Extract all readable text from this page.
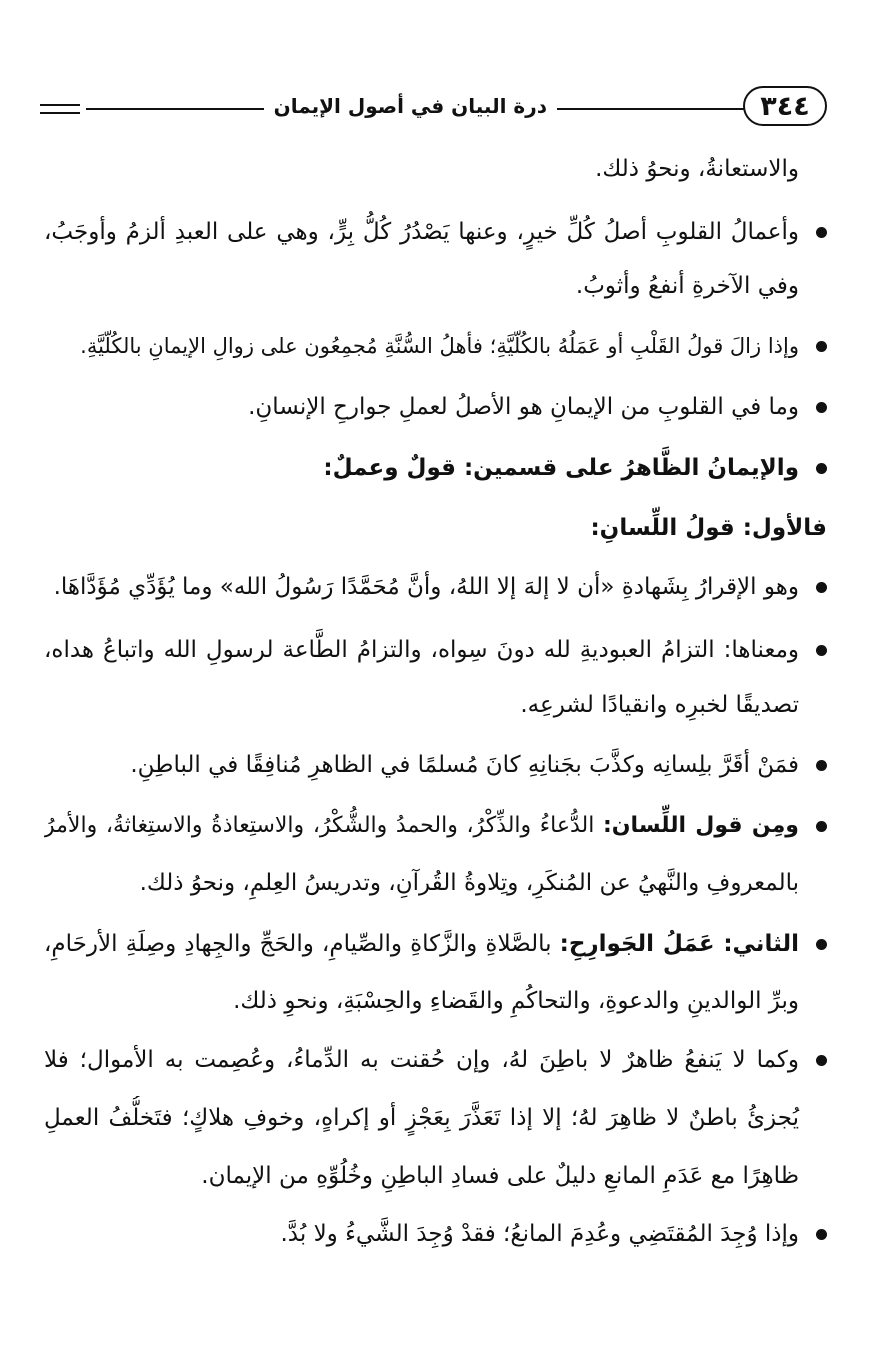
٣٤٤
درة البيان في أصول الإيمان
والاستعانةُ، ونحوُ ذلك.
وأعمالُ القلوبِ أصلُ كُلِّ خيرٍ، وعنها يَصْدُرُ كُلُّ بِرٍّ، وهي على العبدِ ألزمُ وأوجَبُ،
وفي الآخرةِ أنفعُ وأثوبُ.
وإذا زالَ قولُ القَلْبِ أو عَمَلُهُ بالكُلّيَّةِ؛ فأهلُ السُّنَّةِ مُجمِعُون على زوالِ الإيمانِ بالكُلّيَّةِ.
وما في القلوبِ من الإيمانِ هو الأصلُ لعملِ جوارحِ الإنسانِ.
والإيمانُ الظَّاهرُ على قسمين: قولٌ وعملٌ:
فالأول: قولُ اللِّسانِ:
وهو الإقرارُ بِشَهادةِ «أن لا إلهَ إلا اللهُ، وأنَّ مُحَمَّدًا رَسُولُ الله» وما يُؤَدِّي مُؤَدَّاهَا.
ومعناها: التزامُ العبوديةِ لله دونَ سِواه، والتزامُ الطَّاعة لرسولِ الله واتباعُ هداه،
تصديقًا لخبرِه وانقيادًا لشرعِه.
فمَنْ أقَرَّ بلِسانِه وكذَّبَ بجَنانِهِ كانَ مُسلمًا في الظاهرِ مُنافِقًا في الباطِنِ.
ومِن قول اللِّسان: الدُّعاءُ والذِّكْرُ، والحمدُ والشُّكْرُ، والاستِعاذةُ والاستِغاثةُ، والأمرُ
بالمعروفِ والنَّهيُ عن المُنكَرِ، وتِلاوةُ القُرآنِ، وتدريسُ العِلمِ، ونحوُ ذلك.
الثاني: عَمَلُ الجَوارِحِ: بالصَّلاةِ والزَّكاةِ والصِّيامِ، والحَجِّ والجِهادِ وصِلَةِ الأرحَامِ،
وبرِّ الوالدينِ والدعوةِ، والتحاكُمِ والقَضاءِ والحِسْبَةِ، ونحوِ ذلك.
وكما لا يَنفعُ ظاهرٌ لا باطِنَ لهُ، وإن حُقنت به الدِّماءُ، وعُصِمت به الأموال؛ فلا
يُجزئُ باطنٌ لا ظاهِرَ لهُ؛ إلا إذا تَعَذَّرَ بِعَجْزٍ أو إكراهٍ، وخوفِ هلاكٍ؛ فتَخلُّفُ العملِ
ظاهِرًا مع عَدَمِ المانعِ دليلٌ على فسادِ الباطِنِ وخُلُوِّهِ من الإيمان.
وإذا وُجِدَ المُقتَضِي وعُدِمَ المانعُ؛ فقدْ وُجِدَ الشَّيءُ ولا بُدَّ.
